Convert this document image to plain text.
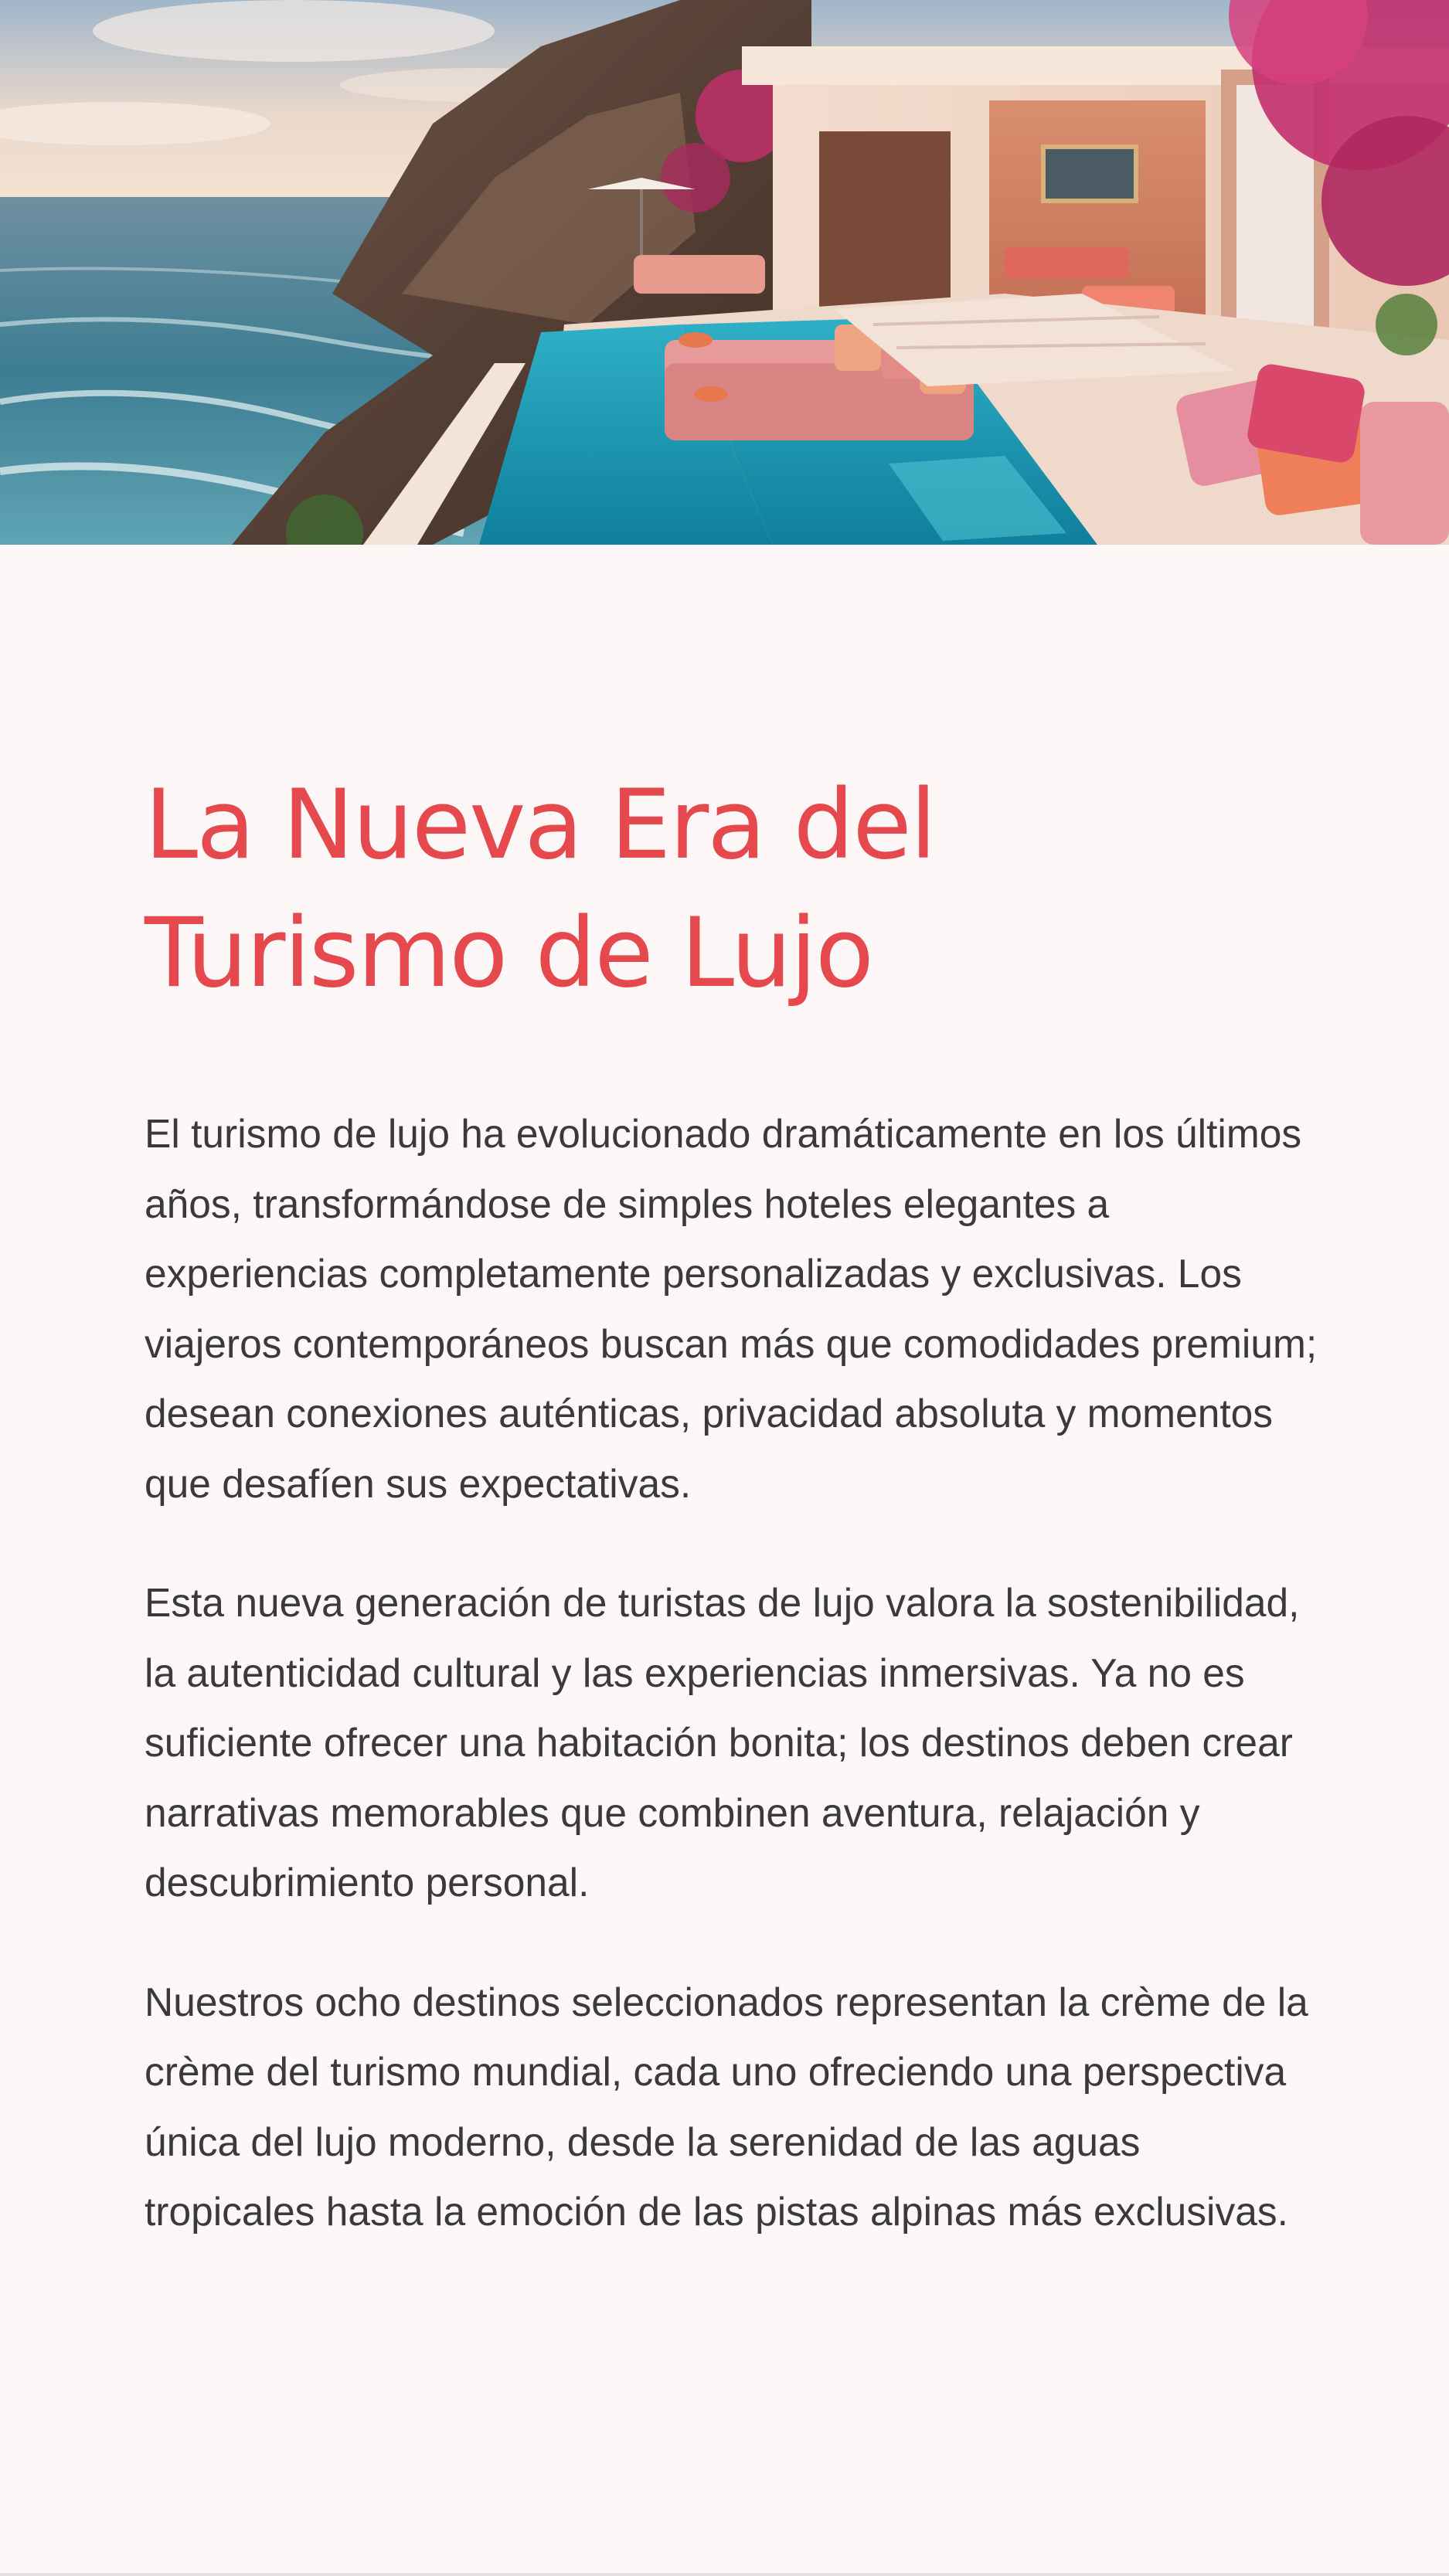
La Nueva Era del Turismo de Lujo

El turismo de lujo ha evolucionado dramáticamente en los últimos años, transformándose de simples hoteles elegantes a experiencias completamente personalizadas y exclusivas. Los viajeros contemporáneos buscan más que comodidades premium; desean conexiones auténticas, privacidad absoluta y momentos que desafíen sus expectativas.

Esta nueva generación de turistas de lujo valora la sostenibilidad, la autenticidad cultural y las experiencias inmersivas. Ya no es suficiente ofrecer una habitación bonita; los destinos deben crear narrativas memorables que combinen aventura, relajación y descubrimiento personal.

Nuestros ocho destinos seleccionados representan la crème de la crème del turismo mundial, cada uno ofreciendo una perspectiva única del lujo moderno, desde la serenidad de las aguas tropicales hasta la emoción de las pistas alpinas más exclusivas.
